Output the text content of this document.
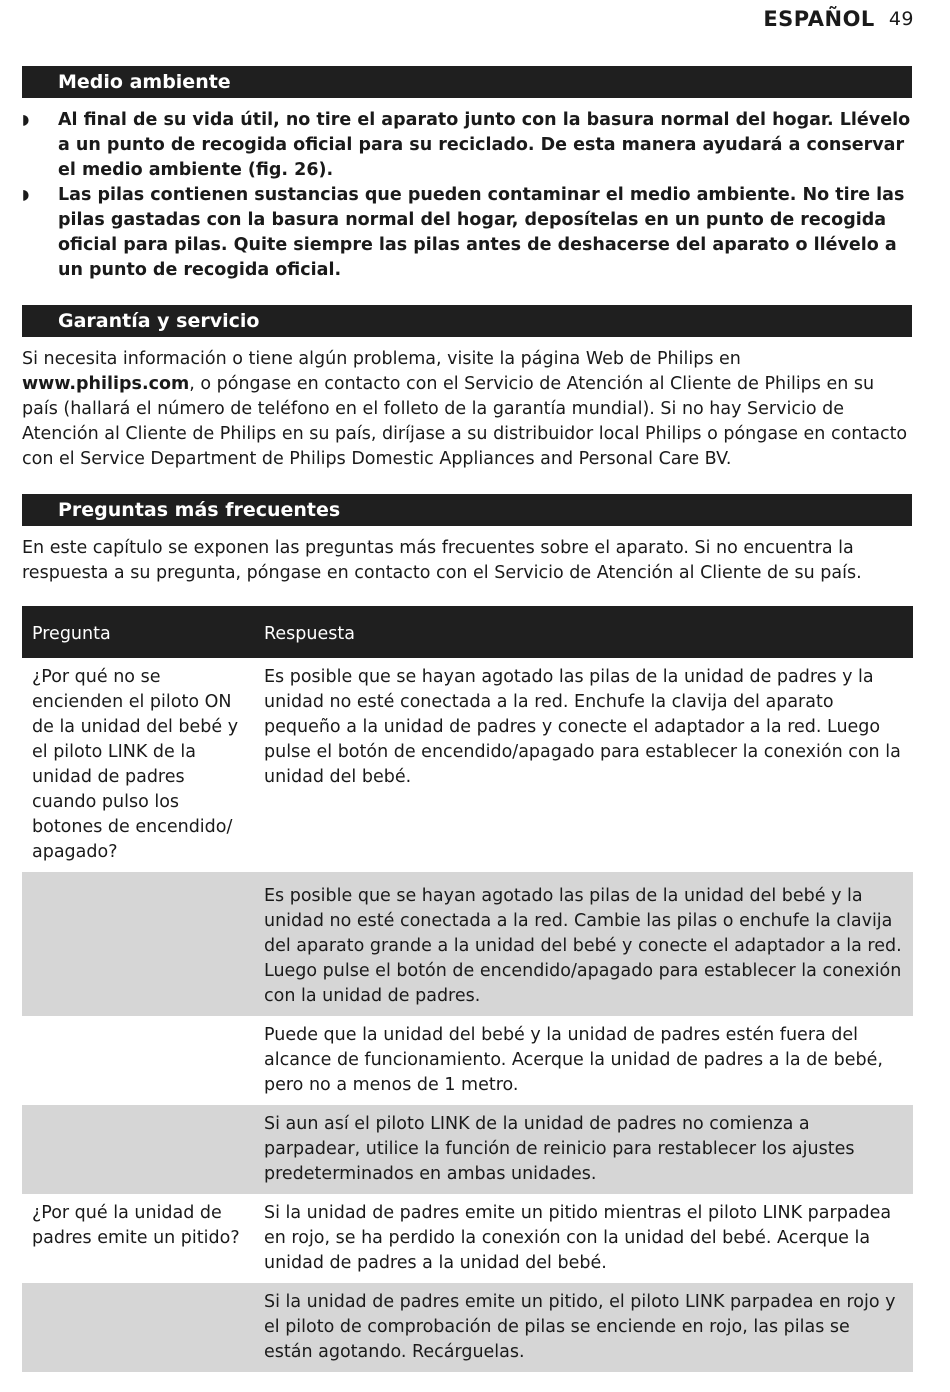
ESPAÑOL 49
Medio ambiente
◗ Al final de su vida útil, no tire el aparato junto con la basura normal del hogar. Llévelo a un punto de recogida oficial para su reciclado. De esta manera ayudará a conservar el medio ambiente (fig. 26).
◗ Las pilas contienen sustancias que pueden contaminar el medio ambiente. No tire las pilas gastadas con la basura normal del hogar, deposítelas en un punto de recogida oficial para pilas. Quite siempre las pilas antes de deshacerse del aparato o llévelo a un punto de recogida oficial.
Garantía y servicio

Si necesita información o tiene algún problema, visite la página Web de Philips en www.philips.com, o póngase en contacto con el Servicio de Atención al Cliente de Philips en su país (hallará el número de teléfono en el folleto de la garantía mundial). Si no hay Servicio de Atención al Cliente de Philips en su país, diríjase a su distribuidor local Philips o póngase en contacto con el Service Department de Philips Domestic Appliances and Personal Care BV.

Preguntas más frecuentes

En este capítulo se exponen las preguntas más frecuentes sobre el aparato. Si no encuentra la respuesta a su pregunta, póngase en contacto con el Servicio de Atención al Cliente de su país.

Pregunta	Respuesta
¿Por qué no se encienden el piloto ON de la unidad del bebé y el piloto LINK de la unidad de padres cuando pulso los botones de encendido/ apagado?	Es posible que se hayan agotado las pilas de la unidad de padres y la unidad no esté conectada a la red. Enchufe la clavija del aparato pequeño a la unidad de padres y conecte el adaptador a la red. Luego pulse el botón de encendido/apagado para establecer la conexión con la unidad del bebé.
	Es posible que se hayan agotado las pilas de la unidad del bebé y la unidad no esté conectada a la red. Cambie las pilas o enchufe la clavija del aparato grande a la unidad del bebé y conecte el adaptador a la red. Luego pulse el botón de encendido/apagado para establecer la conexión con la unidad de padres.
	Puede que la unidad del bebé y la unidad de padres estén fuera del alcance de funcionamiento. Acerque la unidad de padres a la de bebé, pero no a menos de 1 metro.
	Si aun así el piloto LINK de la unidad de padres no comienza a parpadear, utilice la función de reinicio para restablecer los ajustes predeterminados en ambas unidades.
¿Por qué la unidad de padres emite un pitido?	Si la unidad de padres emite un pitido mientras el piloto LINK parpadea en rojo, se ha perdido la conexión con la unidad del bebé. Acerque la unidad de padres a la unidad del bebé.
	Si la unidad de padres emite un pitido, el piloto LINK parpadea en rojo y el piloto de comprobación de pilas se enciende en rojo, las pilas se están agotando. Recárguelas.
